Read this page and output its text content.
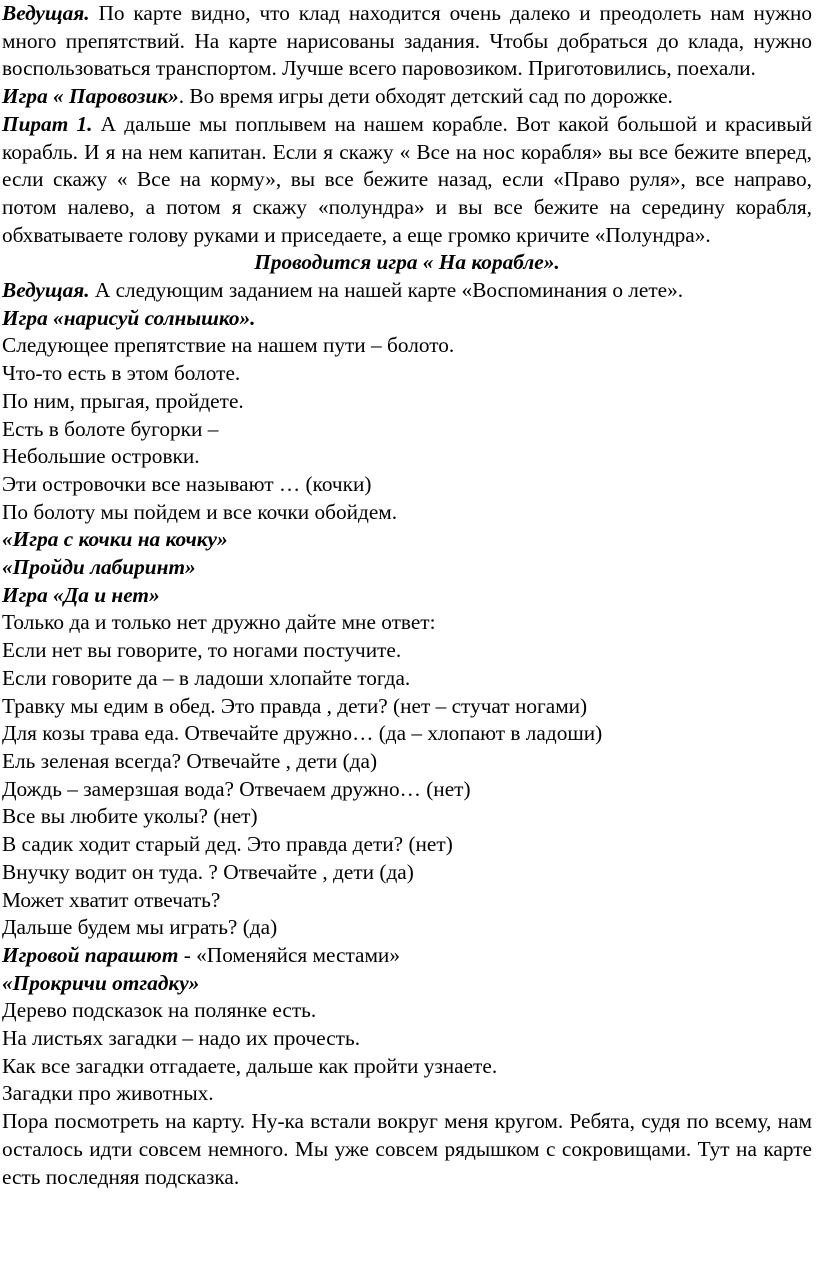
Ведущая. По карте видно, что клад находится очень далеко и преодолеть нам нужно много препятствий. На карте нарисованы задания. Чтобы добраться до клада, нужно воспользоваться транспортом. Лучше всего паровозиком. Приготовились, поехали.

Игра « Паровозик». Во время игры дети обходят детский сад по дорожке.

Пират 1. А дальше мы поплывем на нашем корабле. Вот какой большой и красивый корабль. И я на нем капитан. Если я скажу « Все на нос корабля» вы все бежите вперед, если скажу « Все на корму», вы все бежите назад, если «Право руля», все направо, потом налево, а потом я скажу «полундра» и вы все бежите на середину корабля, обхватываете голову руками и приседаете, а еще громко кричите «Полундра».

Проводится игра « На корабле».

Ведущая. А следующим заданием на нашей карте «Воспоминания о лете».

Игра «нарисуй солнышко».

Следующее препятствие на нашем пути – болото.

Что-то есть в этом болоте.

По ним, прыгая, пройдете.

Есть в болоте бугорки –

Небольшие островки.

Эти островочки все называют … (кочки)

По болоту мы пойдем и все кочки обойдем.

«Игра с кочки на кочку»

«Пройди лабиринт»

Игра «Да и нет»

Только да и только нет дружно дайте мне ответ:

Если нет вы говорите, то ногами постучите.

Если говорите да – в ладоши хлопайте тогда.

Травку мы едим в обед. Это правда , дети? (нет – стучат ногами)

Для козы трава еда. Отвечайте дружно… (да – хлопают в ладоши)

Ель зеленая всегда? Отвечайте , дети (да)

Дождь – замерзшая вода? Отвечаем дружно… (нет)

Все вы любите уколы? (нет)

В садик ходит старый дед. Это правда дети? (нет)

Внучку водит он туда. ? Отвечайте , дети (да)

Может хватит отвечать?

Дальше будем мы играть? (да)

Игровой парашют - «Поменяйся местами»

«Прокричи отгадку»

Дерево подсказок на полянке есть.

На листьях загадки – надо их прочесть.

Как все загадки отгадаете, дальше как пройти узнаете.

Загадки про животных.

Пора посмотреть на карту. Ну-ка встали вокруг меня кругом. Ребята, судя по всему, нам осталось идти совсем немного. Мы уже совсем рядышком с сокровищами. Тут на карте есть последняя подсказка.
